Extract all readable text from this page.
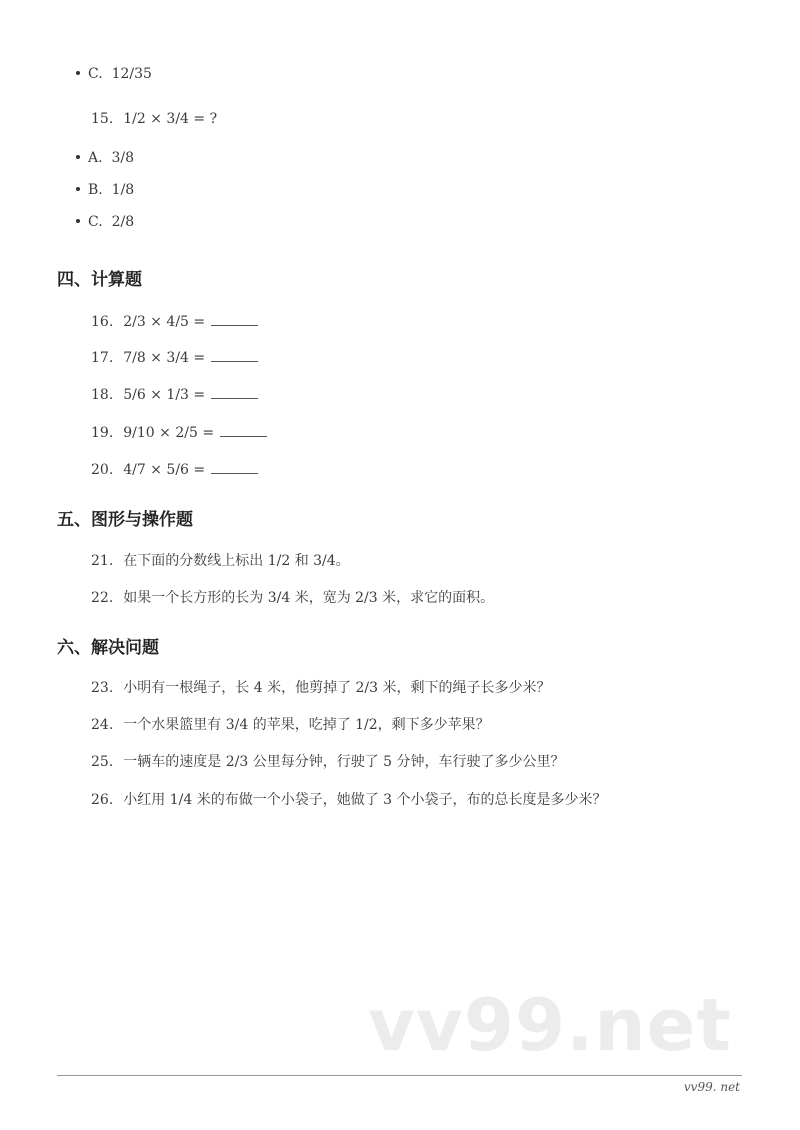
C. 12/35
15. 1/2 × 3/4 = ?
A. 3/8
B. 1/8
C. 2/8
四、计算题
16. 2/3 × 4/5 =
17. 7/8 × 3/4 =
18. 5/6 × 1/3 =
19. 9/10 × 2/5 =
20. 4/7 × 5/6 =
五、图形与操作题
21. 在下面的分数线上标出 1/2 和 3/4。
22. 如果一个长方形的长为 3/4 米，宽为 2/3 米，求它的面积。
六、解决问题
23. 小明有一根绳子，长 4 米，他剪掉了 2/3 米，剩下的绳子长多少米？
24. 一个水果篮里有 3/4 的苹果，吃掉了 1/2，剩下多少苹果？
25. 一辆车的速度是 2/3 公里每分钟，行驶了 5 分钟，车行驶了多少公里？
26. 小红用 1/4 米的布做一个小袋子，她做了 3 个小袋子，布的总长度是多少米？
vv99.net
vv99. net
